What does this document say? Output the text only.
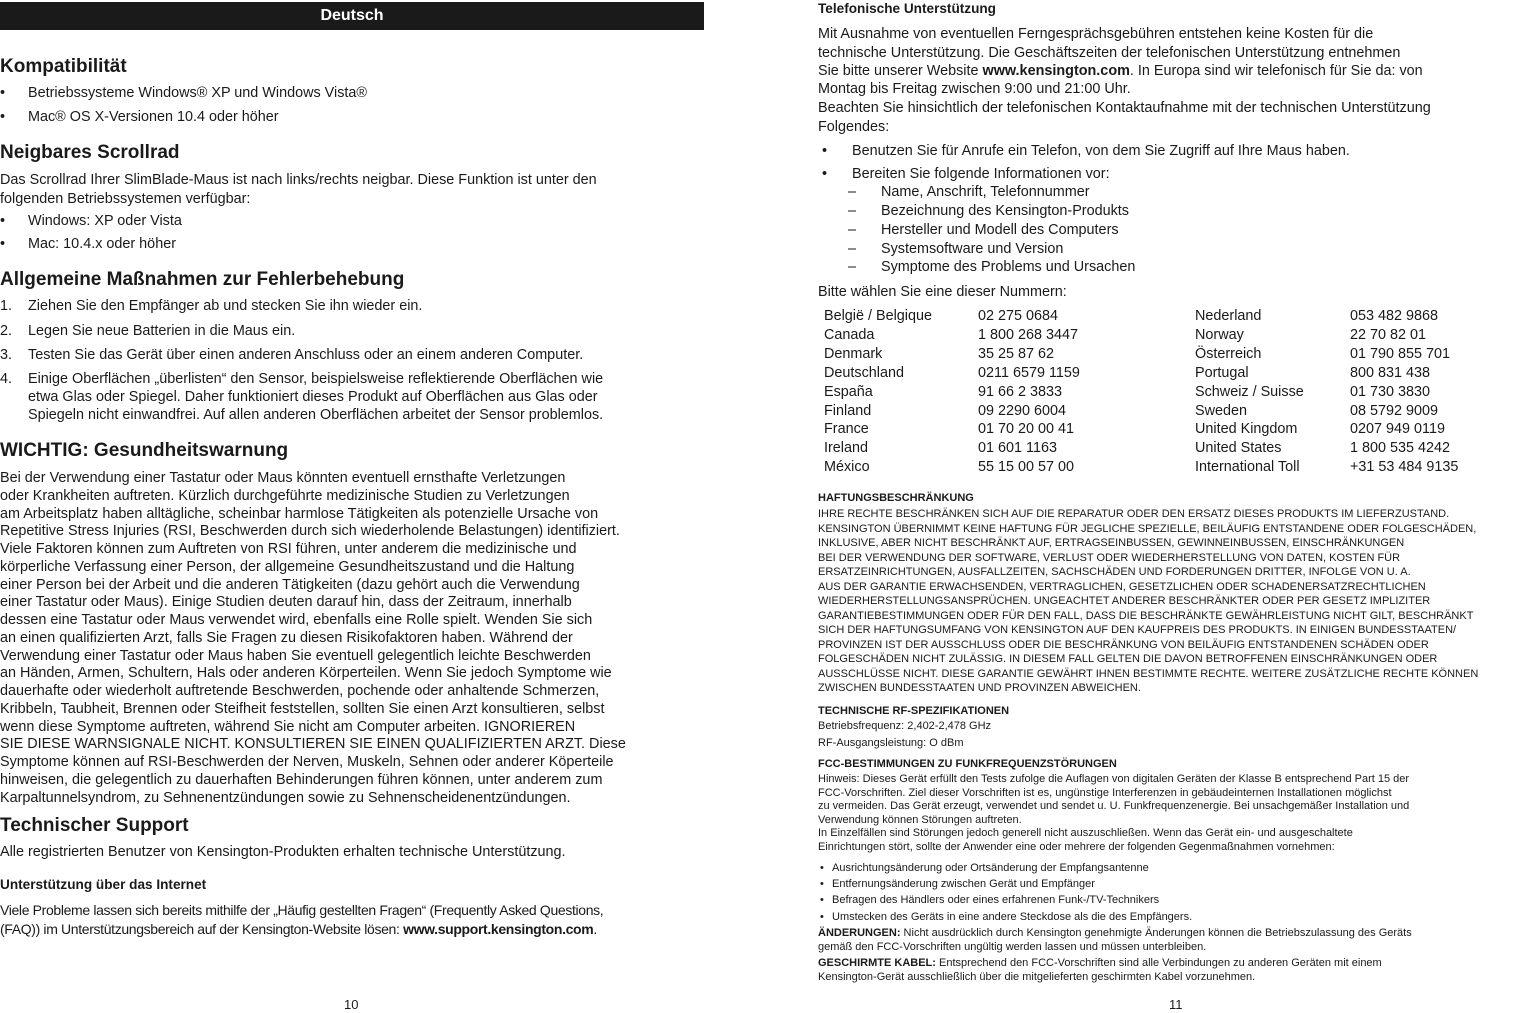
Deutsch
Kompatibilität
• Betriebssysteme Windows® XP und Windows Vista®
• Mac® OS X-Versionen 10.4 oder höher
Neigbares Scrollrad
Das Scrollrad Ihrer SlimBlade-Maus ist nach links/rechts neigbar. Diese Funktion ist unter den
folgenden Betriebssystemen verfügbar:
• Windows: XP oder Vista
• Mac: 10.4.x oder höher
Allgemeine Maßnahmen zur Fehlerbehebung
1. Ziehen Sie den Empfänger ab und stecken Sie ihn wieder ein.
2. Legen Sie neue Batterien in die Maus ein.
3. Testen Sie das Gerät über einen anderen Anschluss oder an einem anderen Computer.
4. Einige Oberflächen „überlisten“ den Sensor, beispielsweise reflektierende Oberflächen wie
etwa Glas oder Spiegel. Daher funktioniert dieses Produkt auf Oberflächen aus Glas oder
Spiegeln nicht einwandfrei. Auf allen anderen Oberflächen arbeitet der Sensor problemlos.
WICHTIG: Gesundheitswarnung
Bei der Verwendung einer Tastatur oder Maus könnten eventuell ernsthafte Verletzungen
oder Krankheiten auftreten. Kürzlich durchgeführte medizinische Studien zu Verletzungen
am Arbeitsplatz haben alltägliche, scheinbar harmlose Tätigkeiten als potenzielle Ursache von
Repetitive Stress Injuries (RSI, Beschwerden durch sich wiederholende Belastungen) identifiziert.
Viele Faktoren können zum Auftreten von RSI führen, unter anderem die medizinische und
körperliche Verfassung einer Person, der allgemeine Gesundheitszustand und die Haltung
einer Person bei der Arbeit und die anderen Tätigkeiten (dazu gehört auch die Verwendung
einer Tastatur oder Maus). Einige Studien deuten darauf hin, dass der Zeitraum, innerhalb
dessen eine Tastatur oder Maus verwendet wird, ebenfalls eine Rolle spielt. Wenden Sie sich
an einen qualifizierten Arzt, falls Sie Fragen zu diesen Risikofaktoren haben. Während der
Verwendung einer Tastatur oder Maus haben Sie eventuell gelegentlich leichte Beschwerden
an Händen, Armen, Schultern, Hals oder anderen Körperteilen. Wenn Sie jedoch Symptome wie
dauerhafte oder wiederholt auftretende Beschwerden, pochende oder anhaltende Schmerzen,
Kribbeln, Taubheit, Brennen oder Steifheit feststellen, sollten Sie einen Arzt konsultieren, selbst
wenn diese Symptome auftreten, während Sie nicht am Computer arbeiten. IGNORIEREN
SIE DIESE WARNSIGNALE NICHT. KONSULTIEREN SIE EINEN QUALIFIZIERTEN ARZT. Diese
Symptome können auf RSI-Beschwerden der Nerven, Muskeln, Sehnen oder anderer Köperteile
hinweisen, die gelegentlich zu dauerhaften Behinderungen führen können, unter anderem zum
Karpaltunnelsyndrom, zu Sehnenentzündungen sowie zu Sehnenscheidenentzündungen.
Technischer Support
Alle registrierten Benutzer von Kensington-Produkten erhalten technische Unterstützung.
Unterstützung über das Internet
Viele Probleme lassen sich bereits mithilfe der „Häufig gestellten Fragen“ (Frequently Asked Questions,
(FAQ)) im Unterstützungsbereich auf der Kensington-Website lösen: www.support.kensington.com.
10
Telefonische Unterstützung
Mit Ausnahme von eventuellen Ferngesprächsgebühren entstehen keine Kosten für die
technische Unterstützung. Die Geschäftszeiten der telefonischen Unterstützung entnehmen
Sie bitte unserer Website www.kensington.com. In Europa sind wir telefonisch für Sie da: von
Montag bis Freitag zwischen 9:00 und 21:00 Uhr.
Beachten Sie hinsichtlich der telefonischen Kontaktaufnahme mit der technischen Unterstützung
Folgendes:
• Benutzen Sie für Anrufe ein Telefon, von dem Sie Zugriff auf Ihre Maus haben.
• Bereiten Sie folgende Informationen vor:
– Name, Anschrift, Telefonnummer
– Bezeichnung des Kensington-Produkts
– Hersteller und Modell des Computers
– Systemsoftware und Version
– Symptome des Problems und Ursachen
Bitte wählen Sie eine dieser Nummern:
België / Belgique	02 275 0684
Canada	1 800 268 3447
Denmark	35 25 87 62
Deutschland	0211 6579 1159
España	91 66 2 3833
Finland	09 2290 6004
France	01 70 20 00 41
Ireland	01 601 1163
México	55 15 00 57 00
Nederland	053 482 9868
Norway	22 70 82 01
Österreich	01 790 855 701
Portugal	800 831 438
Schweiz / Suisse	01 730 3830
Sweden	08 5792 9009
United Kingdom	0207 949 0119
United States	1 800 535 4242
International Toll	+31 53 484 9135
HAFTUNGSBESCHRÄNKUNG
IHRE RECHTE BESCHRÄNKEN SICH AUF DIE REPARATUR ODER DEN ERSATZ DIESES PRODUKTS IM LIEFERZUSTAND.
KENSINGTON ÜBERNIMMT KEINE HAFTUNG FÜR JEGLICHE SPEZIELLE, BEILÄUFIG ENTSTANDENE ODER FOLGESCHÄDEN,
INKLUSIVE, ABER NICHT BESCHRÄNKT AUF, ERTRAGSEINBUSSEN, GEWINNEINBUSSEN, EINSCHRÄNKUNGEN
BEI DER VERWENDUNG DER SOFTWARE, VERLUST ODER WIEDERHERSTELLUNG VON DATEN, KOSTEN FÜR
ERSATZEINRICHTUNGEN, AUSFALLZEITEN, SACHSCHÄDEN UND FORDERUNGEN DRITTER, INFOLGE VON U. A.
AUS DER GARANTIE ERWACHSENDEN, VERTRAGLICHEN, GESETZLICHEN ODER SCHADENERSATZRECHTLICHEN
WIEDERHERSTELLUNGSANSPRÜCHEN. UNGEACHTET ANDERER BESCHRÄNKTER ODER PER GESETZ IMPLIZITER
GARANTIEBESTIMMUNGEN ODER FÜR DEN FALL, DASS DIE BESCHRÄNKTE GEWÄHRLEISTUNG NICHT GILT, BESCHRÄNKT
SICH DER HAFTUNGSUMFANG VON KENSINGTON AUF DEN KAUFPREIS DES PRODUKTS. IN EINIGEN BUNDESSTAATEN/
PROVINZEN IST DER AUSSCHLUSS ODER DIE BESCHRÄNKUNG VON BEILÄUFIG ENTSTANDENEN SCHÄDEN ODER
FOLGESCHÄDEN NICHT ZULÄSSIG. IN DIESEM FALL GELTEN DIE DAVON BETROFFENEN EINSCHRÄNKUNGEN ODER
AUSSCHLÜSSE NICHT. DIESE GARANTIE GEWÄHRT IHNEN BESTIMMTE RECHTE. WEITERE ZUSÄTZLICHE RECHTE KÖNNEN
ZWISCHEN BUNDESSTAATEN UND PROVINZEN ABWEICHEN.
TECHNISCHE RF-SPEZIFIKATIONEN
Betriebsfrequenz: 2,402-2,478 GHz
RF-Ausgangsleistung: O dBm
FCC-BESTIMMUNGEN ZU FUNKFREQUENZSTÖRUNGEN
Hinweis: Dieses Gerät erfüllt den Tests zufolge die Auflagen von digitalen Geräten der Klasse B entsprechend Part 15 der
FCC-Vorschriften. Ziel dieser Vorschriften ist es, ungünstige Interferenzen in gebäudeinternen Installationen möglichst
zu vermeiden. Das Gerät erzeugt, verwendet und sendet u. U. Funkfrequenzenergie. Bei unsachgemäßer Installation und
Verwendung können Störungen auftreten.
In Einzelfällen sind Störungen jedoch generell nicht auszuschließen. Wenn das Gerät ein- und ausgeschaltete
Einrichtungen stört, sollte der Anwender eine oder mehrere der folgenden Gegenmaßnahmen vornehmen:
• Ausrichtungsänderung oder Ortsänderung der Empfangsantenne
• Entfernungsänderung zwischen Gerät und Empfänger
• Befragen des Händlers oder eines erfahrenen Funk-/TV-Technikers
• Umstecken des Geräts in eine andere Steckdose als die des Empfängers.
ÄNDERUNGEN: Nicht ausdrücklich durch Kensington genehmigte Änderungen können die Betriebszulassung des Geräts
gemäß den FCC-Vorschriften ungültig werden lassen und müssen unterbleiben.
GESCHIRMTE KABEL: Entsprechend den FCC-Vorschriften sind alle Verbindungen zu anderen Geräten mit einem
Kensington-Gerät ausschließlich über die mitgelieferten geschirmten Kabel vorzunehmen.
11
